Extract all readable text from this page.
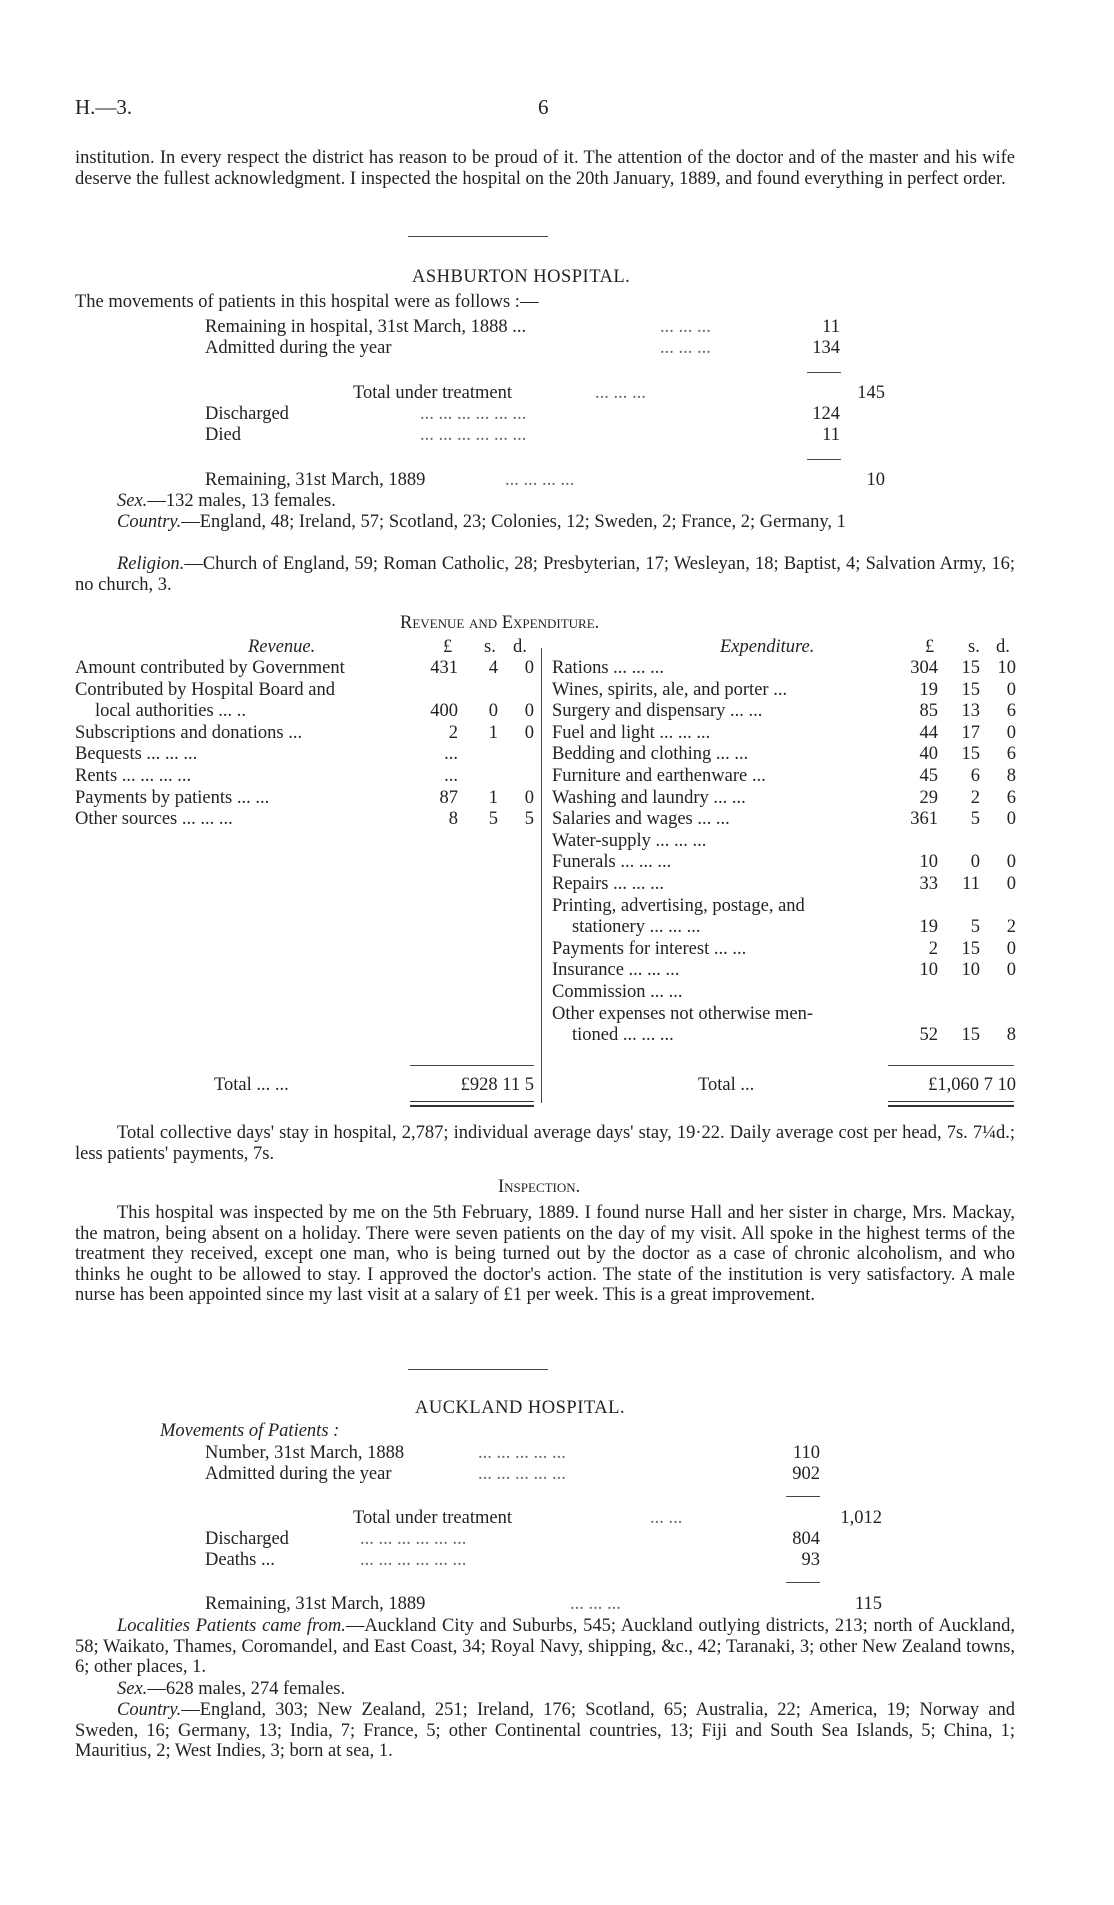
H.—3.	6
institution. In every respect the district has reason to be proud of it. The attention of the doctor and of the master and his wife deserve the fullest acknowledgment. I inspected the hospital on the 20th January, 1889, and found everything in perfect order.
ASHBURTON HOSPITAL.
The movements of patients in this hospital were as follows :—
Remaining in hospital, 31st March, 1888 ...	... ... ...	11
Admitted during the year	... ... ...	134
Total under treatment	... ... ...	145
Discharged	... ... ... ... ... ...	124
Died	... ... ... ... ... ...	11
Remaining, 31st March, 1889	... ... ... ...	10
Sex.—132 males, 13 females.
Country.—England, 48; Ireland, 57; Scotland, 23; Colonies, 12; Sweden, 2; France, 2; Germany, 1
Religion.—Church of England, 59; Roman Catholic, 28; Presbyterian, 17; Wesleyan, 18; Baptist, 4; Salvation Army, 16; no church, 3.
Revenue and Expenditure.
Revenue.	£ s. d.
Amount contributed by Government	431	4	0
Contributed by Hospital Board and
local authorities ... ..	400	0	0
Subscriptions and donations ...	2	1	0
Bequests ... ... ...	...
Rents ... ... ... ...	...
Payments by patients ... ...	87	1	0
Other sources ... ... ...	8	5	5
Total ... ...	£928 11 5
Expenditure.	£ s. d.
Rations ... ... ...	304	15 10
Wines, spirits, ale, and porter ...	19	15	0
Surgery and dispensary ... ...	85	13	6
Fuel and light ... ... ...	44	17	0
Bedding and clothing ... ...	40	15	6
Furniture and earthenware ...	45	6	8
Washing and laundry ... ...	29	2	6
Salaries and wages ... ...	361	5	0
Water-supply ... ... ...
Funerals ... ... ...	10	0	0
Repairs ... ... ...	33	11	0
Printing, advertising, postage, and
stationery ... ... ...	19	5	2
Payments for interest ... ...	2	15	0
Insurance ... ... ...	10	10	0
Commission ... ...
Other expenses not otherwise men-
tioned ... ... ...	52	15	8
Total ...	£1,060 7 10
Total collective days' stay in hospital, 2,787; individual average days' stay, 19·22. Daily average cost per head, 7s. 7¼d.; less patients' payments, 7s.
Inspection.
This hospital was inspected by me on the 5th February, 1889. I found nurse Hall and her sister in charge, Mrs. Mackay, the matron, being absent on a holiday. There were seven patients on the day of my visit. All spoke in the highest terms of the treatment they received, except one man, who is being turned out by the doctor as a case of chronic alcoholism, and who thinks he ought to be allowed to stay. I approved the doctor's action. The state of the institution is very satisfactory. A male nurse has been appointed since my last visit at a salary of £1 per week. This is a great improvement.
AUCKLAND HOSPITAL.
Movements of Patients :
Number, 31st March, 1888	... ... ... ... ...	110
Admitted during the year	... ... ... ... ...	902
Total under treatment	... ...	1,012
Discharged	... ... ... ... ... ...	804
Deaths ...	... ... ... ... ... ...	93
Remaining, 31st March, 1889	... ... ...	115
Localities Patients came from.—Auckland City and Suburbs, 545; Auckland outlying districts, 213; north of Auckland, 58; Waikato, Thames, Coromandel, and East Coast, 34; Royal Navy, shipping, &c., 42; Taranaki, 3; other New Zealand towns, 6; other places, 1.
Sex.—628 males, 274 females.
Country.—England, 303; New Zealand, 251; Ireland, 176; Scotland, 65; Australia, 22; America, 19; Norway and Sweden, 16; Germany, 13; India, 7; France, 5; other Continental countries, 13; Fiji and South Sea Islands, 5; China, 1; Mauritius, 2; West Indies, 3; born at sea, 1.
